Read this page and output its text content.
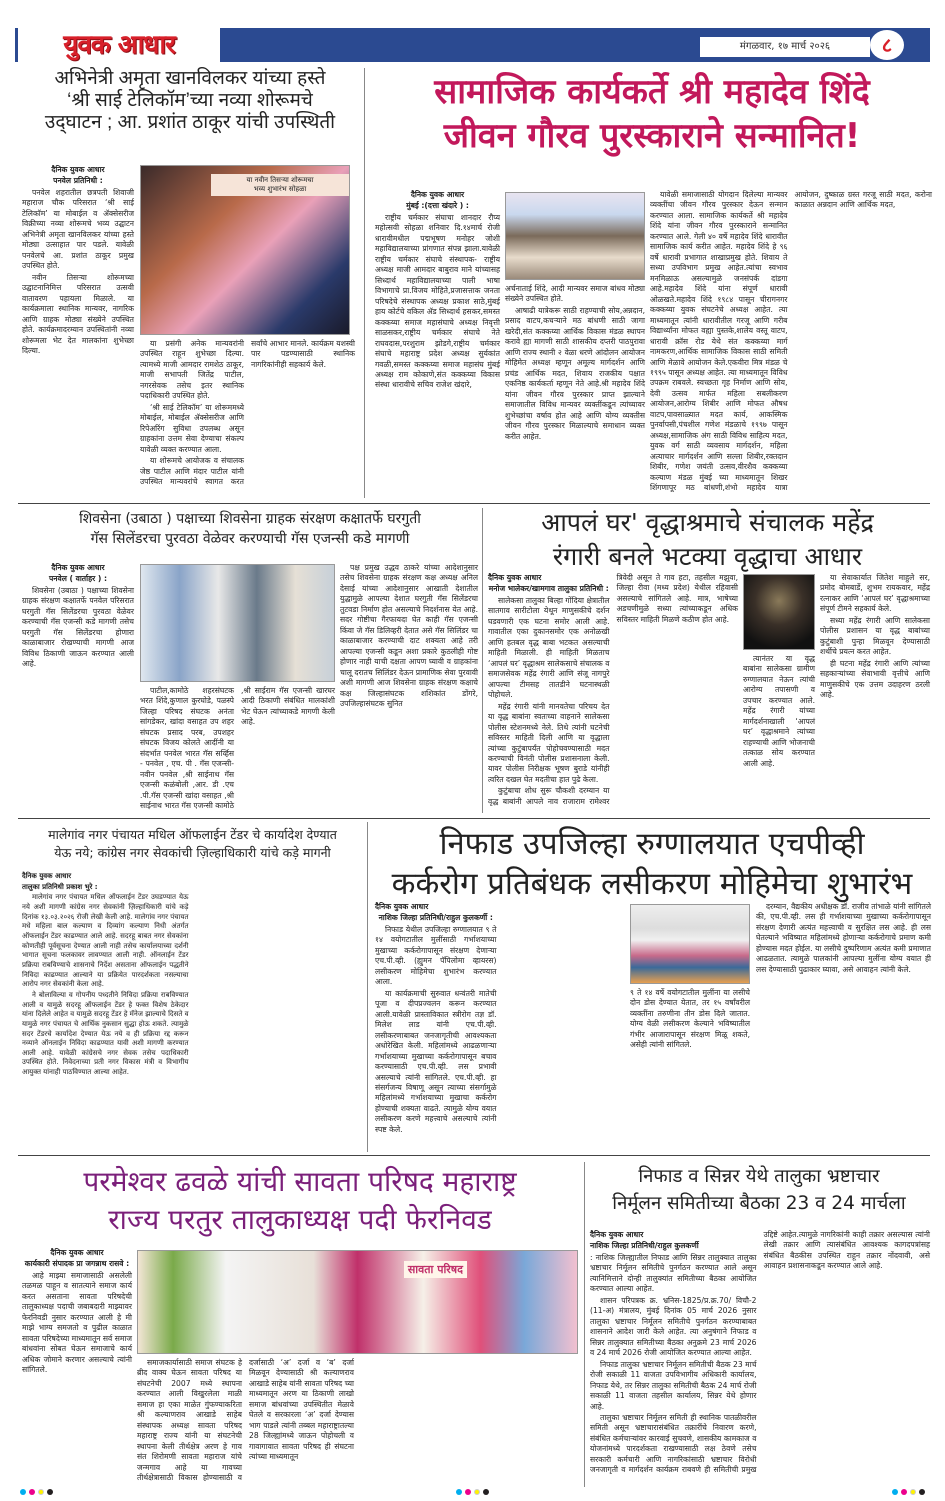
युवक आधार	मंगळवार, १७ मार्च २०२६	८
अभिनेत्री अमृता खानविलकर यांच्या हस्ते
‘श्री साई टेलिकॉम’च्या नव्या शोरूमचे
उद्‌घाटन ; आ. प्रशांत ठाकूर यांची उपस्थिती
या नवीन तिसऱ्या शोरूमचा
भव्य शुभारंभ सोहळा

दैनिक युवक आधार

पनवेल प्रतिनिधी :

पनवेल शहरातील छत्रपती शिवाजी महाराज चौक परिसरात ‘श्री साई टेलिकॉम’ या मोबाईल व ॲक्सेसरीज विक्रीच्या नव्या शोरूमचे भव्य उद्घाटन अभिनेत्री अमृता खानविलकर यांच्या हस्ते मोठ्या उत्साहात पार पडले. यावेळी पनवेलचे आ. प्रशांत ठाकूर प्रमुख उपस्थित होते.

नवीन तिसऱ्या शोरूमच्या उद्घाटनानिमित्त परिसरात उत्सवी वातावरण पहायला मिळाले. या कार्यक्रमाला स्थानिक मान्यवर, नागरिक आणि ग्राहक मोठ्या संख्येने उपस्थित होते. कार्यक्रमादरम्यान उपस्थितांनी नव्या शोरूमला भेट देत मालकांना शुभेच्छा दिल्या.

या प्रसंगी अनेक मान्यवरांनी उपस्थित राहून शुभेच्छा दिल्या. त्यामध्ये माजी आमदार रामशेठ ठाकूर, माजी सभापती जितेंद्र पाटील, नगरसेवक तसेच इतर स्थानिक पदाधिकारी उपस्थित होते.

‘श्री साई टेलिकॉम’ या शोरूममध्ये मोबाईल, मोबाईल ॲक्सेसरीज आणि रिपेअरिंग सुविधा उपलब्ध असून ग्राहकांना उत्तम सेवा देण्याचा संकल्प यावेळी व्यक्त करण्यात आला.

या शोरूमचे आयोजक व संचालक जेष्ठ पाटील आणि मंदार पाटील यांनी उपस्थित मान्यवरांचे स्वागत करत सर्वांचे आभार मानले. कार्यक्रम यशस्वी पार पडण्यासाठी स्थानिक नागरिकांनीही सहकार्य केले.

सामाजिक कार्यकर्ते श्री महादेव शिंदे
जीवन गौरव पुरस्काराने सन्मानित!

दैनिक युवक आधार

मुंबई :(दत्ता खंदारे ) :

राष्ट्रीय चर्मकार संघाचा शानदार रौप्य महोत्सवी सोहळा शनिवार दि.१४मार्च रोजी धारावीमधील पद्मभूषण मनोहर जोशी महाविद्यालयाच्या प्रांगणात संपन्न झाला.यावेळी राष्ट्रीय चर्मकार संघाचे संस्थापक- राष्ट्रीय अध्यक्ष माजी आमदार बाबुराव माने यांच्यासह सिध्दार्थ महाविद्यालयाच्या पाली भाषा विभागाचे प्रा.विजय मोहिते,प्रजासत्ताक जनता परिषदेचे संस्थापक अध्यक्ष प्रकाश साठे,मुंबई हाय कोर्टचे वकिल ॲड सिध्दार्थ हसकर,समस्त कक्कय्या समाज महासंघाचे अध्यक्ष निवृत्ती साळसकर,राष्ट्रीय चर्मकार संघाचे नेते राघवदास,परशुराम झोडगे,राष्ट्रीय चर्मकार संघाचे महाराष्ट्र प्रदेश अध्यक्ष सुर्यकांत गवळी,समस्त कक्कय्या समाज महासंघ मुंबई अध्यक्ष राम कोकाणे,संत कक्कय्या विकास संस्था धारावीचे सचिव राजेश खंदारे,

अर्चनाताई शिंदे, आदी मान्यवर समाज बांधव मोठ्या संख्येने उपस्थित होते.

आषाढी यात्रेकरू साठी राहण्याची सोय,अन्नदान, प्रसाद वाटप,कचऱ्याने मठ बांधणी साठी जागा खरेदी,संत कक्कय्या आर्थिक विकास मंडळ स्थापन करावे ह्या मागणी साठी शासकीय दप्तरी पाठपुरावा आणि राज्य स्थानी २ वेळा धरणे आंदोलन आयोजन मोहिमेत अध्यक्ष म्हणून अमूल्य मार्गदर्शन आणि प्रचंड आर्थिक मदत, शिवाय राजकीय पक्षात एकनिष्ठ कार्यकर्ता म्हणून नेते आहे.श्री महादेव शिंदे यांना जीवन गौरव पुरस्कार प्राप्त झाल्याने समाजातील विविध मान्यवर व्यक्तींकडून त्यांच्यावर शुभेच्छांचा वर्षाव होत आहे आणि योग्य व्यक्तीस जीवन गौरव पुरस्कार मिळाल्याचे समाधान व्यक्त करीत आहेत.

यावेळी समाजासाठी योगदान दिलेल्या मान्यवर व्यक्तींचा जीवन गौरव पुरस्कार देऊन सन्मान करण्यात आला. सामाजिक कार्यकर्ते श्री महादेव शिंदे यांना जीवन गौरव पुरस्काराने सन्मानित करण्यात आले. गेली ४० वर्षे महादेव शिंदे धारावीत सामाजिक कार्य करीत आहेत. महादेव शिंदे हे ९६ वर्षे धारावी प्रभागात शाखाप्रमुख होते. शिवाय ते सध्या उपविभाग प्रमुख आहेत.त्यांचा स्वभाव मनमिळाऊ असल्यामुळे जनसंपर्क दांडगा आहे.महादेव शिंदे यांना संपूर्ण धारावी ओळखते.महादेव शिंदे १९८४ पासून चीरागनगर कक्कय्या युवक संघटनेचे अध्यक्ष आहेत. त्या माध्यमातून त्यांनी धारावीतील गरजू आणि गरीब विद्यार्थ्यांना मोफत वह्या पुस्तके,शालेय वस्तू वाटप, धारावी क्रॉस रोड येथे संत कक्कय्या मार्ग नामकरण,आर्थिक सामाजिक विकास साठी समिती आणि मेळावे आयोजन केले.एकवीरा मित्र मंडळ चे १९९५ पासून अध्यक्ष आहेत. त्या माध्यमातून विविध उपक्रम राबवले. स्वच्छता गृह निर्माण आणि सोय, देवी उत्सव मार्फत महिला सबलीकरण आयोजन,आरोग्य शिबीर आणि मोफत औषध वाटप,पावसाळ्यात मदत कार्य, आकस्मिक पुनर्वापसी,पंचशील गणेश मंडळाचे १९९७ पासून अध्यक्ष,सामाजिक अंग साठी विविध साहित्य मदत, युवक वर्ग साठी व्यवसाय मार्गदर्शन, महिला अत्याचार मार्गदर्शन आणि सल्ला शिबीर,रक्तदान शिबीर, गणेश जयंती उत्सव,वीरशैव कक्कय्या कल्याण मंडळ मुंबई च्या माध्यमातून शिखर शिंगणापूर मठ बांधणी,शंभो महादेव यात्रा आयोजन, दुष्काळ ग्रस्त गरजू साठी मदत, करोना काळात अन्नदान आणि आर्थिक मदत,

शिवसेना (उबाठा ) पक्षाच्या शिवसेना ग्राहक संरक्षण कक्षातर्फे घरगुती
गॅस सिलेंडरचा पुरवठा वेळेवर करण्याची गॅस एजन्सी कडे मागणी

दैनिक युवक आधार

पनवेल ( वार्ताहर ) :

शिवसेना (उबाठा ) पक्षाच्या शिवसेना ग्राहक संरक्षण कक्षातर्फे पनवेल परिसरात घरगुती गॅस सिलेंडरचा पुरवठा वेळेवर करण्याची गॅस एजन्सी कडे मागणी तसेच घरगुती गॅस सिलेंडरचा होणारा काळाबाजार रोखण्याची मागणी आज विविध ठिकाणी जाऊन करण्यात आली आहे.

पाटील,कामोठे शहरसंघटक भरत शिंदे,कुणाल कुरघोडे, पळस्पे जिल्हा परिषद संघटक अनंता सांगडेकर, खांदा वसाहत उप शहर संघटक प्रसाद परब, उपशहर संघटक विजय कोलते आदींनी या संदर्भात पनवेल भारत गॅस सर्व्हिस - पनवेल , एच. पी . गॅस एजन्सी- नवीन पनवेल ,श्री साईनाथ गॅस एजन्सी कळंबोली ,आर. डी .एच .पी.गॅस एजन्सी खांदा वसाहत ,श्री साईनाथ भारत गॅस एजन्सी कामोठे ,श्री साईराम गॅस एजन्सी खारघर आदी ठिकाणी संबंधित मालकांशी भेट घेऊन त्यांच्याकडे मागणी केली आहे.

पक्ष प्रमुख उद्धव ठाकरे यांच्या आदेशानुसार तसेच शिवसेना ग्राहक संरक्षण कक्ष अध्यक्ष अनिल देसाई यांच्या आदेशानुसार आखाती देशातील युद्धामुळे आपल्या देशात घरगुती गॅस सिलेंडरचा तुटवडा निर्माण होत असल्याचे निदर्शनास येत आहे. सदर गोष्टीचा गैरफायदा घेत काही गॅस एजन्सी किंवा जे गॅस डिलिव्हरी देतात असे गॅस सिलिंडर चा काळाबाजार करण्याची दाट शक्यता आहे तरी आपल्या एजन्सी कडून अशा प्रकारे कुठलीही गोष्ट होणार नाही याची दक्षता आपण घ्यावी व ग्राहकांना चालू दरातच सिलिंडर देऊन प्रामाणिक सेवा पुरवावी अशी मागणी आज शिवसेना ग्राहक संरक्षण कक्षाचे कक्ष जिल्हासंघटक शशिकांत डोंगरे, उपजिल्हासंघटक सुनित

आपलं घर' वृद्धाश्रमाचे संचालक महेंद्र
रंगारी बनले भटक्या वृद्धाचा आधार

दैनिक युवक आधार

मनोज भालेकर/खामगाव तालुका प्रतिनिधी :

सालेकसा तालुका बिल्हा गोंदिया क्षेत्रातील सातगाव सारीटोला येथून माणुसकीचे दर्शन घडवणारी एक घटना समोर आली आहे. गावातील एका दुकानसमोर एक अनोळखी आणि हतबल वृद्ध बाबा भटकत असल्याची माहिती मिळाली. ही माहिती मिळताच ‘आपलं घर’ वृद्धाश्रम सालेकसाचे संचालक व समाजसेवक महेंद्र रंगारी आणि संजू नागपुरे आपल्या टीमसह तातडीने घटनास्थळी पोहोचले.

महेंद्र रंगारी यांनी मानवतेचा परिचय देत या वृद्ध बाबांना स्वतःच्या वाहनाने सालेकसा पोलीस स्टेशनमध्ये नेले. तिथे त्यांनी घटनेची सविस्तर माहिती दिली आणि या वृद्धाला त्यांच्या कुटुंबापर्यंत पोहोचवण्यासाठी मदत करण्याची विनंती पोलीस प्रशासनाला केली. यावर पोलीस निरीक्षक भूषण बुराडे यांनीही त्वरित दखल घेत मदतीचा हात पुढे केला.

कुटुंबाचा शोध सुरू चौकशी दरम्यान या वृद्ध बाबांनी आपले नाव राजाराम रामेश्वर त्रिवेदी असून ते गाव हटा, तहसील मझुवा, जिल्हा रीवा (मध्य प्रदेश) येथील रहिवासी असल्याचे सांगितले आहे. मात्र, भाषेच्या अडचणीमुळे सध्या त्यांच्याकडून अधिक सविस्तर माहिती मिळणे कठीण होत आहे.

त्यानंतर या वृद्ध बाबांना सालेकसा ग्रामीण रुग्णालयात नेऊन त्यांची आरोग्य तपासणी व उपचार करण्यात आले. महेंद्र रंगारी यांच्या मार्गदर्शनाखाली ‘आपलं घर’ वृद्धाश्रमाने त्यांच्या राहण्याची आणि भोजनाची तत्काळ सोय करण्यात आली आहे.

या सेवाकार्यात जितेश माहुले सर, प्रमोद बोमबार्डे, शुभम रायकवार, महेंद्र रत्नाकर आणि ‘आपलं घर’ वृद्धाश्रमाच्या संपूर्ण टीमने सहकार्य केले.

सध्या महेंद्र रंगारी आणि सालेकसा पोलीस प्रशासन या वृद्ध बाबांच्या कुटुंबाशी पुन्हा मिळवून देण्यासाठी शर्थीचे प्रयत्न करत आहेत.

ही घटना महेंद्र रंगारी आणि त्यांच्या सहकाऱ्यांच्या सेवाभावी वृत्तीचे आणि माणुसकीचे एक उत्तम उदाहरण ठरली आहे.

मालेगांव नगर पंचायत मधिल ऑफलाईन टेंडर चे कार्यादेश देण्यात
येऊ नये; कांग्रेस नगर सेवकांची ज़िल्हाधिकारी यांचे कड़े मागनी

दैनिक युवक आधार

तालुका प्रतिनिधी प्रकाश भुरे :

मालेगांव नगर पंचायत मधिल ऑफलाईन टेंडर उघडण्यात येऊ नये अशी मागणी कांग्रेस नगर सेवकांनी ज़िल्हाधिकारी यांचे कड़े दिनांक १३.०३.२०२६ रोजी लेखी केली आहे. मालेगांव नगर पंचायत मधे महिला बाल कल्याण व दिव्यांग कल्याण निधी अंतर्गत ऑफलाईन टेंडर काढण्यात आले आहे. सदरहू बाबत नगर सेवकांना कोणतीही पूर्वसूचना देण्यात आली नाही तसेच कार्यालयाच्या दर्शनी भागात सूचना फलकावर लावण्यात आली नाही. ऑनलाईन टेंडर प्रक्रिया राबविण्याचे शासनाचे निर्देश असताना ऑफलाईन पद्धतीने निविदा काढण्यात आल्याने या प्रक्रियेत पारदर्शकता नसल्याचा आरोप नगर सेवकांनी केला आहे.

ने बोलाविल्या व गोपनीय पध्दतीने निविदा प्रक्रिया राबविण्यात आली व यामुळे सदरहू ऑफलाईन टेंडर हे फक्त विशेष ठेकेदार यांना दिलेले आहेत व यामुळे सदरहू टेंडर हे मॅनेज झाल्याचे दिसते व यामुळे नगर पंचायत चे आर्थिक नुकसान सुद्धा होऊ शकते. त्यामुळे सदर टेंडरचे कार्यादेश देण्यात येऊ नये व ही प्रक्रिया रद्द करून नव्याने ऑनलाईन निविदा काढण्यात यावी अशी मागणी करण्यात आली आहे. यावेळी कांग्रेसचे नगर सेवक तसेच पदाधिकारी उपस्थित होते. निवेदनाच्या प्रती नगर विकास मंत्री व विभागीय आयुक्त यांनाही पाठविण्यात आल्या आहेत.

निफाड उपजिल्हा रुग्णालयात एचपीव्ही
कर्करोग प्रतिबंधक लसीकरण मोहिमेचा शुभारंभ

दैनिक युवक आधार

नाशिक जिल्हा प्रतिनिधी/राहुल कुलकर्णी :

निफाड येथील उपजिल्हा रुग्णालयात ९ ते १४ वयोगटातील मुलींसाठी गर्भाशयाच्या मुखाच्या कर्करोगापासून संरक्षण देणाऱ्या एच.पी.व्ही. (ह्युमन पॅपिलोमा व्हायरस) लसीकरण मोहिमेचा शुभारंभ करण्यात आला.

या कार्यक्रमाची सुरुवात धन्वंतरी मातेची पूजा व दीपप्रज्वलन करून करण्यात आली.यावेळी प्रास्ताविकात स्त्रीरोग तज्ञ डॉ. मिलेश लाड यांनी एच.पी.व्ही. लसीकरणाबाबत जनजागृतीची आवश्यकता अधोरेखित केली. महिलांमध्ये आढळणाऱ्या गर्भाशयाच्या मुखाच्या कर्करोगापासून बचाव करण्यासाठी एच.पी.व्ही. लस प्रभावी असल्याचे त्यांनी सांगितले. एच.पी.व्ही. हा संसर्गजन्य विषाणू असून त्याच्या संसर्गामुळे महिलांमध्ये गर्भाशयाच्या मुखाचा कर्करोग होण्याची शक्यता वाढते. त्यामुळे योग्य वयात लसीकरण करणे महत्त्वाचे असल्याचे त्यांनी स्पष्ट केले.

९ ते १४ वर्षे वयोगटातील मुलींना या लसीचे दोन डोस देण्यात येतात, तर १५ वर्षांवरील व्यक्तींना तरुणीना तीन डोस दिले जातात. योग्य वेळी लसीकरण केल्याने भविष्यातील गंभीर आजारापासून संरक्षण मिळू शकते, असेही त्यांनी सांगितले.

दरम्यान, वैद्यकीय अधीक्षक डॉ. राजीव तांभाळे यांनी सांगितले की, एच.पी.व्ही. लस ही गर्भाशयाच्या मुखाच्या कर्करोगापासून संरक्षण देणारी अत्यंत महत्त्वाची व सुरक्षित लस आहे. ही लस घेतल्याने भविष्यात महिलांमध्ये होणाऱ्या कर्करोगाचे प्रमाण कमी होण्यास मदत होईल. या लसीचे दुष्परिणाम अत्यंत कमी प्रमाणात आढळतात. त्यामुळे पालकांनी आपल्या मुलींना योग्य वयात ही लस देण्यासाठी पुढाकार घ्यावा, असे आवाहन त्यांनी केले.

परमेश्वर ढवळे यांची सावता परिषद महाराष्ट्र
राज्य परतुर तालुकाध्यक्ष पदी फेरनिवड

दैनिक युवक आधार

कार्यकारी संपादक प्रा जगन्नाथ रासवे :

आहे माझ्या समाजासाठी असलेली तळमळ पाहून व सातत्याने समाज कार्य करत असताना सावता परिषदेची तालुकाध्यक्ष पदाची जबाबदारी माझ्यावर फेरनिवडी नुसार करण्यात आली हे मी माझे भाग्य समजतो व पुढील काळात सावता परिषदेच्या माध्यमातून सर्व समाज बांधवांना सोबत घेऊन समाजाचे कार्य अधिक जोमाने करणार असल्याचे त्यांनी सांगितले.

सावता परिषद

समाजकार्यासाठी समाज संघटक हे ब्रीद वाक्य घेऊन सावता परिषद या संघटनेची 2007 मध्ये स्थापना करण्यात आली विखुरलेला माळी समाज हा एका माळेत गुंफण्याकरिता श्री कल्याणराव आखाडे साहेब संस्थापक अध्यक्ष सावता परिषद महाराष्ट्र राज्य यांनी या संघटनेची स्थापना केली तीर्थक्षेत्र अरण हे गाव संत शिरोमणी सावता महाराज यांचे जन्मगाव आहे या गावच्या तीर्थक्षेत्रासाठी विकास होण्यासाठी व दर्जासाठी ‘अ’ दर्जा व ‘ब’ दर्जा मिळवून देण्यासाठी श्री कल्याणराव आखाडे साहेब यांनी सावता परिषद च्या माध्यमातून अरण या ठिकाणी लाखो समाज बांधवांच्या उपस्थितीत मेळावे घेतले व सरकारला ‘अ’ दर्जा देण्यास भाग पाडले त्यांनी तब्बल महाराष्ट्रातल्या 28 जिल्ह्यांमध्ये जाऊन पोहोचली व गावागावात सावता परिषद ही संघटना त्यांच्या माध्यमातून

निफाड व सिन्नर येथे तालुका भ्रष्टाचार
निर्मूलन समितीच्या बैठका 23 व 24 मार्चला

दैनिक युवक आधार

नाशिक जिल्हा प्रतिनिधी/राहुल कुलकर्णी

: नाशिक जिल्ह्यातील निफाड आणि सिन्नर तालुक्यात तालुका भ्रष्टाचार निर्मूलन समितीचे पुनर्गठन करण्यात आले असून त्यानिमित्ताने दोन्ही तालुक्यांत समितीच्या बैठका आयोजित करण्यात आल्या आहेत.

शासन परिपत्रक क्र. भ्रनिस-1825/प्र.क्र.70/ विचौ-2 (11-अ) मंत्रालय, मुंबई दिनांक 05 मार्च 2026 नुसार तालुका भ्रष्टाचार निर्मूलन समितीचे पुनर्गठन करण्याबाबत शासनाने आदेश जारी केले आहेत. त्या अनुषंगाने निफाड व सिन्नर तालुक्यात समितीच्या बैठका अनुक्रमे 23 मार्च 2026 व 24 मार्च 2026 रोजी आयोजित करण्यात आल्या आहेत.

निफाड तालुका भ्रष्टाचार निर्मूलन समितीची बैठक 23 मार्च रोजी सकाळी 11 वाजता उपविभागीय अधिकारी कार्यालय, निफाड येथे, तर सिन्नर तालुका समितीची बैठक 24 मार्च रोजी सकाळी 11 वाजता तहसील कार्यालय, सिन्नर येथे होणार आहे.

तालुका भ्रष्टाचार निर्मूलन समिती ही स्थानिक पातळीवरील समिती असून भ्रष्टाचारासंबंधित तक्रारींचे निवारण करणे, संबंधित कर्मचाऱ्यांवर कारवाई सुचवणे, शासकीय कामकाज व योजनांमध्ये पारदर्शकता राखण्यासाठी लक्ष ठेवणे तसेच सरकारी कर्मचारी आणि नागरिकांसाठी भ्रष्टाचार विरोधी जनजागृती व मार्गदर्शन कार्यक्रम राबवणे ही समितीची प्रमुख उद्दिष्टे आहेत.त्यामुळे नागरिकांनी काही तक्रार असल्यास त्यांनी लेखी तक्रार आणि त्यासंबंधित आवश्यक कागदपत्रांसह संबंधित बैठकीस उपस्थित राहून तक्रार नोंदवावी, असे आवाहन प्रशासनाकडून करण्यात आले आहे.
